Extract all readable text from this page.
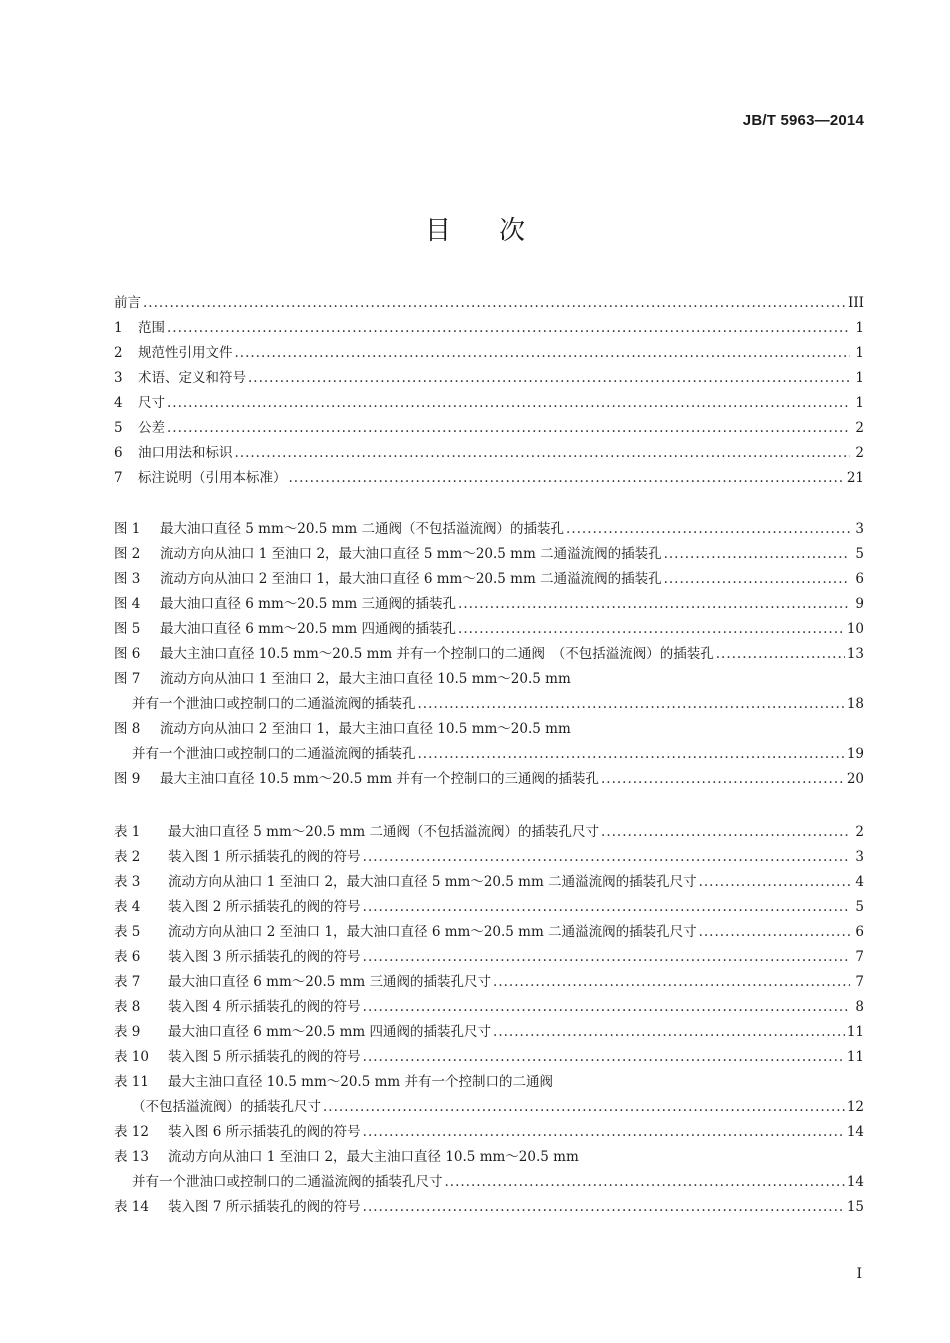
JB/T 5963—2014
目次
前言 .....	III
1	范围 .....	1
2	规范性引用文件 .....	1
3	术语、定义和符号 .....	1
4	尺寸 .....	1
5	公差 .....	2
6	油口用法和标识 .....	2
7	标注说明（引用本标准） .....	21
图 1	最大油口直径 5 mm～20.5 mm 二通阀（不包括溢流阀）的插装孔 .....	3
图 2	流动方向从油口 1 至油口 2，最大油口直径 5 mm～20.5 mm 二通溢流阀的插装孔 .....	5
图 3	流动方向从油口 2 至油口 1，最大油口直径 6 mm～20.5 mm 二通溢流阀的插装孔 .....	6
图 4	最大油口直径 6 mm～20.5 mm 三通阀的插装孔 .....	9
图 5	最大油口直径 6 mm～20.5 mm 四通阀的插装孔 .....	10
图 6	最大主油口直径 10.5 mm～20.5 mm 并有一个控制口的二通阀　（不包括溢流阀）的插装孔 .....	13
图 7	流动方向从油口 1 至油口 2，最大主油口直径 10.5 mm～20.5 mm
并有一个泄油口或控制口的二通溢流阀的插装孔 .....	18
图 8	流动方向从油口 2 至油口 1，最大主油口直径 10.5 mm～20.5 mm
并有一个泄油口或控制口的二通溢流阀的插装孔 .....	19
图 9	最大主油口直径 10.5 mm～20.5 mm 并有一个控制口的三通阀的插装孔 .....	20
表 1	最大油口直径 5 mm～20.5 mm 二通阀（不包括溢流阀）的插装孔尺寸 .....	2
表 2	装入图 1 所示插装孔的阀的符号 .....	3
表 3	流动方向从油口 1 至油口 2，最大油口直径 5 mm～20.5 mm 二通溢流阀的插装孔尺寸 .....	4
表 4	装入图 2 所示插装孔的阀的符号 .....	5
表 5	流动方向从油口 2 至油口 1，最大油口直径 6 mm～20.5 mm 二通溢流阀的插装孔尺寸 .....	6
表 6	装入图 3 所示插装孔的阀的符号 .....	7
表 7	最大油口直径 6 mm～20.5 mm 三通阀的插装孔尺寸 .....	7
表 8	装入图 4 所示插装孔的阀的符号 .....	8
表 9	最大油口直径 6 mm～20.5 mm 四通阀的插装孔尺寸 .....	11
表 10	装入图 5 所示插装孔的阀的符号 .....	11
表 11	最大主油口直径 10.5 mm～20.5 mm 并有一个控制口的二通阀
（不包括溢流阀）的插装孔尺寸 .....	12
表 12	装入图 6 所示插装孔的阀的符号 .....	14
表 13	流动方向从油口 1 至油口 2，最大主油口直径 10.5 mm～20.5 mm
并有一个泄油口或控制口的二通溢流阀的插装孔尺寸 .....	14
表 14	装入图 7 所示插装孔的阀的符号 .....	15
I
